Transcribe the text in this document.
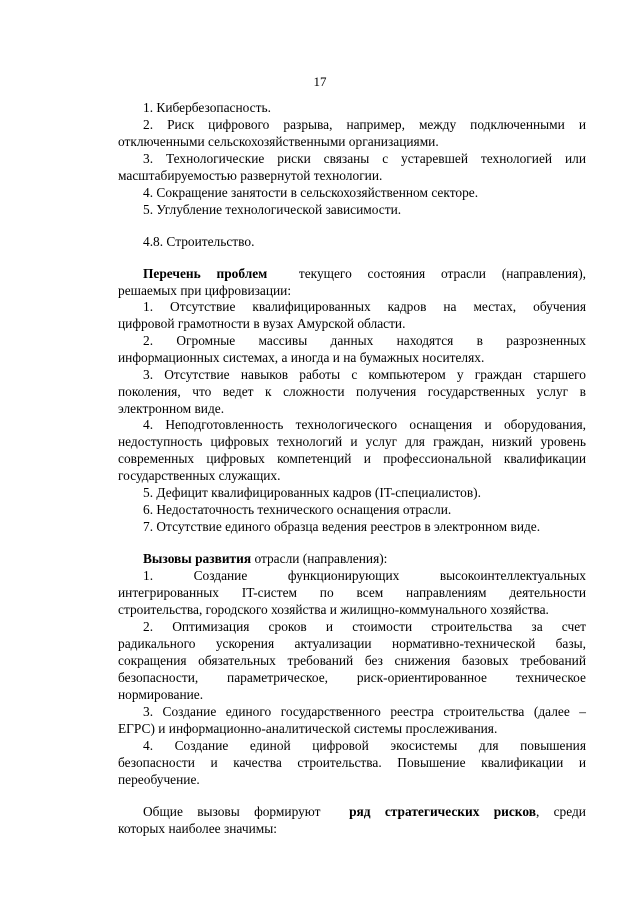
17
1. Кибербезопасность.
2. Риск цифрового разрыва, например, между подключенными и
отключенными сельскохозяйственными организациями.
3. Технологические риски связаны с устаревшей технологией или
масштабируемостью развернутой технологии.
4. Сокращение занятости в сельскохозяйственном секторе.
5. Углубление технологической зависимости.
4.8. Строительство.
Перечень проблем текущего состояния отрасли (направления),
решаемых при цифровизации:
1. Отсутствие квалифицированных кадров на местах, обучения
цифровой грамотности в вузах Амурской области.
2. Огромные массивы данных находятся в разрозненных
информационных системах, а иногда и на бумажных носителях.
3. Отсутствие навыков работы с компьютером у граждан старшего
поколения, что ведет к сложности получения государственных услуг в
электронном виде.
4. Неподготовленность технологического оснащения и оборудования,
недоступность цифровых технологий и услуг для граждан, низкий уровень
современных цифровых компетенций и профессиональной квалификации
государственных служащих.
5. Дефицит квалифицированных кадров (IT-специалистов).
6. Недостаточность технического оснащения отрасли.
7. Отсутствие единого образца ведения реестров в электронном виде.
Вызовы развития отрасли (направления):
1. Создание функционирующих высокоинтеллектуальных
интегрированных IT-систем по всем направлениям деятельности
строительства, городского хозяйства и жилищно-коммунального хозяйства.
2. Оптимизация сроков и стоимости строительства за счет
радикального ускорения актуализации нормативно-технической базы,
сокращения обязательных требований без снижения базовых требований
безопасности, параметрическое, риск-ориентированное техническое
нормирование.
3. Создание единого государственного реестра строительства (далее –
ЕГРС) и информационно-аналитической системы прослеживания.
4. Создание единой цифровой экосистемы для повышения
безопасности и качества строительства. Повышение квалификации и
переобучение.
Общие вызовы формируют ряд стратегических рисков, среди
которых наиболее значимы:
